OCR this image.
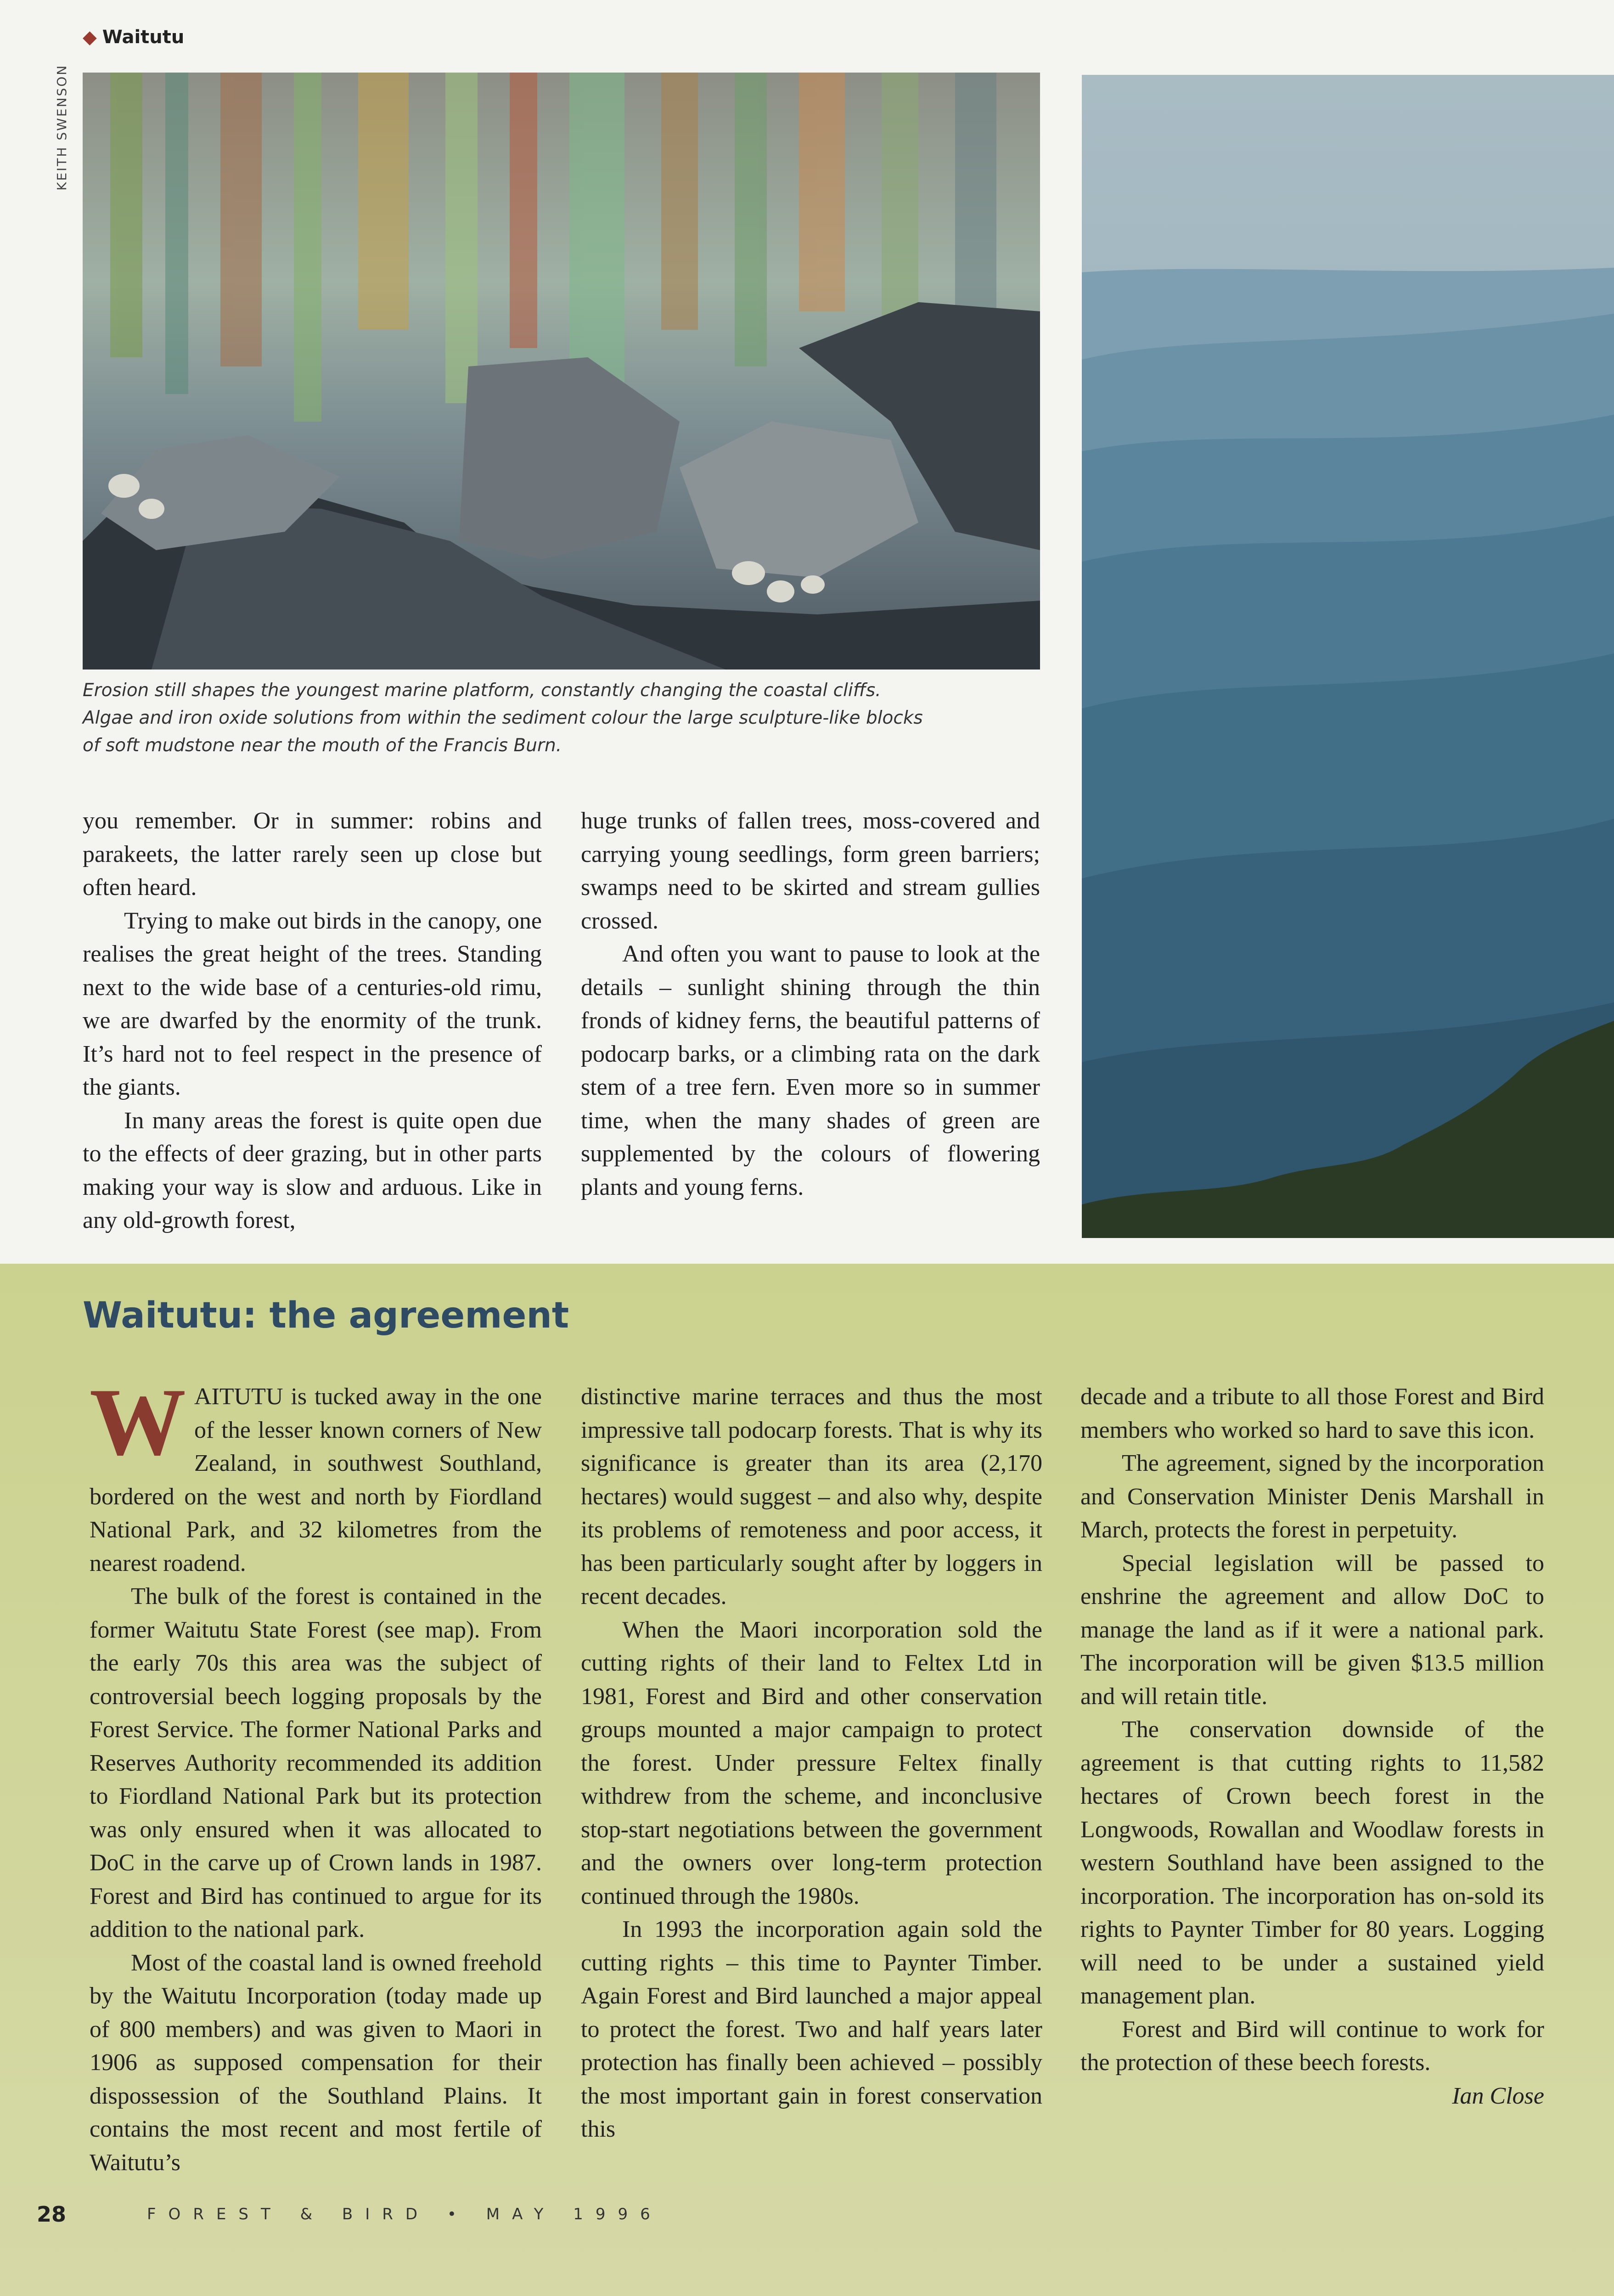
◆ Waitutu
KEITH SWENSON

Erosion still shapes the youngest marine platform, constantly changing the coastal cliffs.

Algae and iron oxide solutions from within the sediment colour the large sculpture-like blocks

of soft mudstone near the mouth of the Francis Burn.

you remember. Or in summer: robins and parakeets, the latter rarely seen up close but often heard.

Trying to make out birds in the canopy, one realises the great height of the trees. Standing next to the wide base of a centuries-old rimu, we are dwarfed by the enormity of the trunk. It’s hard not to feel respect in the presence of the giants.

In many areas the forest is quite open due to the effects of deer grazing, but in other parts making your way is slow and arduous. Like in any old-growth forest,

huge trunks of fallen trees, moss-covered and carrying young seedlings, form green barriers; swamps need to be skirted and stream gullies crossed.

And often you want to pause to look at the details – sunlight shining through the thin fronds of kidney ferns, the beautiful patterns of podocarp barks, or a climbing rata on the dark stem of a tree fern. Even more so in summer time, when the many shades of green are supplemented by the colours of flowering plants and young ferns.

Waitutu: the agreement

WAITUTU is tucked away in the one of the lesser known corners of New Zealand, in southwest Southland, bordered on the west and north by Fiordland National Park, and 32 kilometres from the nearest roadend.

The bulk of the forest is contained in the former Waitutu State Forest (see map). From the early 70s this area was the subject of controversial beech logging proposals by the Forest Service. The former National Parks and Reserves Authority recommended its addition to Fiordland National Park but its protection was only ensured when it was allocated to DoC in the carve up of Crown lands in 1987. Forest and Bird has continued to argue for its addition to the national park.

Most of the coastal land is owned freehold by the Waitutu Incorporation (today made up of 800 members) and was given to Maori in 1906 as supposed compensation for their dispossession of the Southland Plains. It contains the most recent and most fertile of Waitutu’s

distinctive marine terraces and thus the most impressive tall podocarp forests. That is why its significance is greater than its area (2,170 hectares) would suggest – and also why, despite its problems of remoteness and poor access, it has been particularly sought after by loggers in recent decades.

When the Maori incorporation sold the cutting rights of their land to Feltex Ltd in 1981, Forest and Bird and other conservation groups mounted a major campaign to protect the forest. Under pressure Feltex finally withdrew from the scheme, and inconclusive stop-start negotiations between the government and the owners over long-term protection continued through the 1980s.

In 1993 the incorporation again sold the cutting rights – this time to Paynter Timber. Again Forest and Bird launched a major appeal to protect the forest. Two and half years later protection has finally been achieved – possibly the most important gain in forest conservation this

decade and a tribute to all those Forest and Bird members who worked so hard to save this icon.

The agreement, signed by the incorporation and Conservation Minister Denis Marshall in March, protects the forest in perpetuity.

Special legislation will be passed to enshrine the agreement and allow DoC to manage the land as if it were a national park. The incorporation will be given $13.5 million and will retain title.

The conservation downside of the agreement is that cutting rights to 11,582 hectares of Crown beech forest in the Longwoods, Rowallan and Woodlaw forests in western Southland have been assigned to the incorporation. The incorporation has on-sold its rights to Paynter Timber for 80 years. Logging will need to be under a sustained yield management plan.

Forest and Bird will continue to work for the protection of these beech forests.

Ian Close

28	FOREST & BIRD • MAY 1996
